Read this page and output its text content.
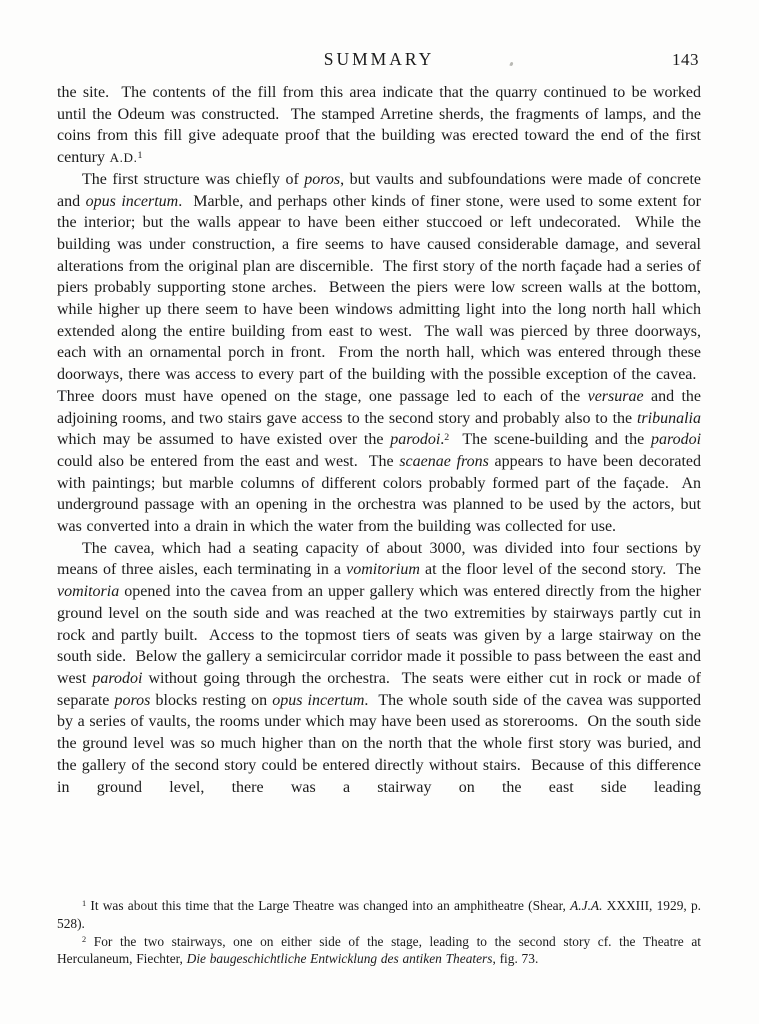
SUMMARY	143

the site.  The contents of the fill from this area indicate that the quarry continued to be worked until the Odeum was constructed.  The stamped Arretine sherds, the fragments of lamps, and the coins from this fill give adequate proof that the building was erected toward the end of the first century A.D.$^1$

The first structure was chiefly of poros, but vaults and subfoundations were made of concrete and opus incertum.  Marble, and perhaps other kinds of finer stone, were used to some extent for the interior; but the walls appear to have been either stuccoed or left undecorated.  While the building was under construction, a fire seems to have caused considerable damage, and several alterations from the original plan are discernible.  The first story of the north façade had a series of piers probably supporting stone arches.  Between the piers were low screen walls at the bottom, while higher up there seem to have been windows admitting light into the long north hall which extended along the entire building from east to west.  The wall was pierced by three doorways, each with an ornamental porch in front.  From the north hall, which was entered through these doorways, there was access to every part of the building with the possible exception of the cavea.  Three doors must have opened on the stage, one passage led to each of the versurae and the adjoining rooms, and two stairs gave access to the second story and probably also to the tribunalia which may be assumed to have existed over the parodoi.$^2$  The scene-building and the parodoi could also be entered from the east and west.  The scaenae frons appears to have been decorated with paintings; but marble columns of different colors probably formed part of the façade.  An underground passage with an opening in the orchestra was planned to be used by the actors, but was converted into a drain in which the water from the building was collected for use.

The cavea, which had a seating capacity of about 3000, was divided into four sections by means of three aisles, each terminating in a vomitorium at the floor level of the second story.  The vomitoria opened into the cavea from an upper gallery which was entered directly from the higher ground level on the south side and was reached at the two extremities by stairways partly cut in rock and partly built.  Access to the topmost tiers of seats was given by a large stairway on the south side.  Below the gallery a semicircular corridor made it possible to pass between the east and west parodoi without going through the orchestra.  The seats were either cut in rock or made of separate poros blocks resting on opus incertum.  The whole south side of the cavea was supported by a series of vaults, the rooms under which may have been used as storerooms.  On the south side the ground level was so much higher than on the north that the whole first story was buried, and the gallery of the second story could be entered directly without stairs.  Because of this difference in ground level, there was a stairway on the east side leading

$^1$ It was about this time that the Large Theatre was changed into an amphitheatre (Shear, A.J.A. XXXIII, 1929, p. 528).

$^2$ For the two stairways, one on either side of the stage, leading to the second story cf. the Theatre at Herculaneum, Fiechter, Die baugeschichtliche Entwicklung des antiken Theaters, fig. 73.
